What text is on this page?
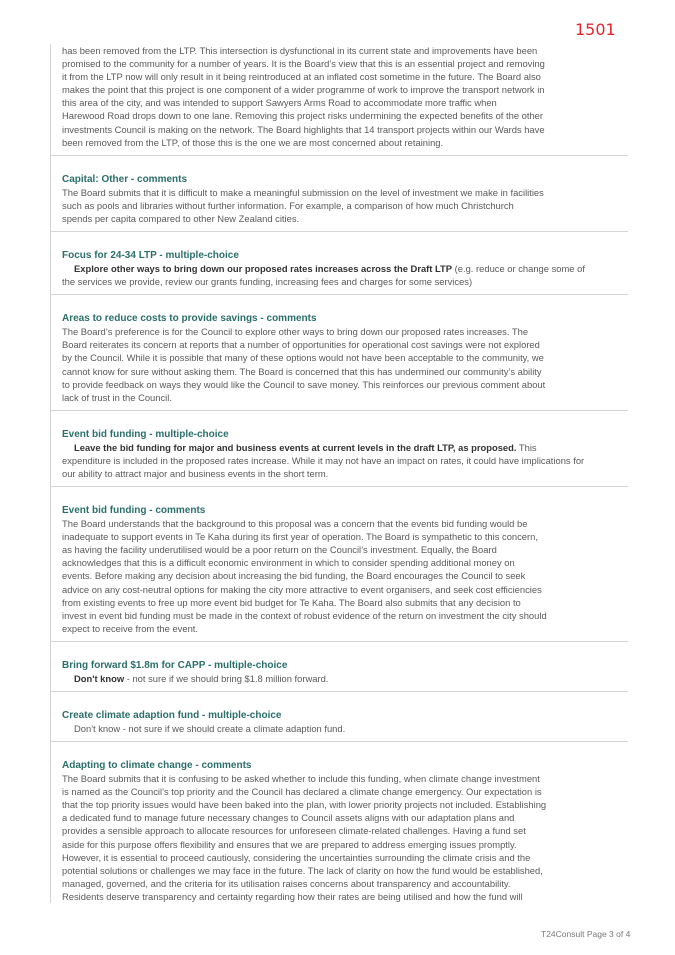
1501
has been removed from the LTP. This intersection is dysfunctional in its current state and improvements have been
promised to the community for a number of years. It is the Board’s view that this is an essential project and removing
it from the LTP now will only result in it being reintroduced at an inflated cost sometime in the future. The Board also
makes the point that this project is one component of a wider programme of work to improve the transport network in
this area of the city, and was intended to support Sawyers Arms Road to accommodate more traffic when
Harewood Road drops down to one lane. Removing this project risks undermining the expected benefits of the other
investments Council is making on the network. The Board highlights that 14 transport projects within our Wards have
been removed from the LTP, of those this is the one we are most concerned about retaining.

Capital: Other - comments

The Board submits that it is difficult to make a meaningful submission on the level of investment we make in facilities
such as pools and libraries without further information. For example, a comparison of how much Christchurch
spends per capita compared to other New Zealand cities.

Focus for 24-34 LTP - multiple-choice

Explore other ways to bring down our proposed rates increases across the Draft LTP (e.g. reduce or change some of
the services we provide, review our grants funding, increasing fees and charges for some services)

Areas to reduce costs to provide savings - comments

The Board’s preference is for the Council to explore other ways to bring down our proposed rates increases. The
Board reiterates its concern at reports that a number of opportunities for operational cost savings were not explored
by the Council. While it is possible that many of these options would not have been acceptable to the community, we
cannot know for sure without asking them. The Board is concerned that this has undermined our community’s ability
to provide feedback on ways they would like the Council to save money. This reinforces our previous comment about
lack of trust in the Council.

Event bid funding - multiple-choice

Leave the bid funding for major and business events at current levels in the draft LTP, as proposed. This
expenditure is included in the proposed rates increase. While it may not have an impact on rates, it could have implications for
our ability to attract major and business events in the short term.

Event bid funding - comments

The Board understands that the background to this proposal was a concern that the events bid funding would be
inadequate to support events in Te Kaha during its first year of operation. The Board is sympathetic to this concern,
as having the facility underutilised would be a poor return on the Council’s investment. Equally, the Board
acknowledges that this is a difficult economic environment in which to consider spending additional money on
events. Before making any decision about increasing the bid funding, the Board encourages the Council to seek
advice on any cost-neutral options for making the city more attractive to event organisers, and seek cost efficiencies
from existing events to free up more event bid budget for Te Kaha. The Board also submits that any decision to
invest in event bid funding must be made in the context of robust evidence of the return on investment the city should
expect to receive from the event.

Bring forward $1.8m for CAPP - multiple-choice

Don't know - not sure if we should bring $1.8 million forward.

Create climate adaption fund - multiple-choice

Don't know - not sure if we should create a climate adaption fund.

Adapting to climate change - comments

The Board submits that it is confusing to be asked whether to include this funding, when climate change investment
is named as the Council’s top priority and the Council has declared a climate change emergency. Our expectation is
that the top priority issues would have been baked into the plan, with lower priority projects not included. Establishing
a dedicated fund to manage future necessary changes to Council assets aligns with our adaptation plans and
provides a sensible approach to allocate resources for unforeseen climate-related challenges. Having a fund set
aside for this purpose offers flexibility and ensures that we are prepared to address emerging issues promptly.
However, it is essential to proceed cautiously, considering the uncertainties surrounding the climate crisis and the
potential solutions or challenges we may face in the future. The lack of clarity on how the fund would be established,
managed, governed, and the criteria for its utilisation raises concerns about transparency and accountability.
Residents deserve transparency and certainty regarding how their rates are being utilised and how the fund will
T24Consult Page 3 of 4
